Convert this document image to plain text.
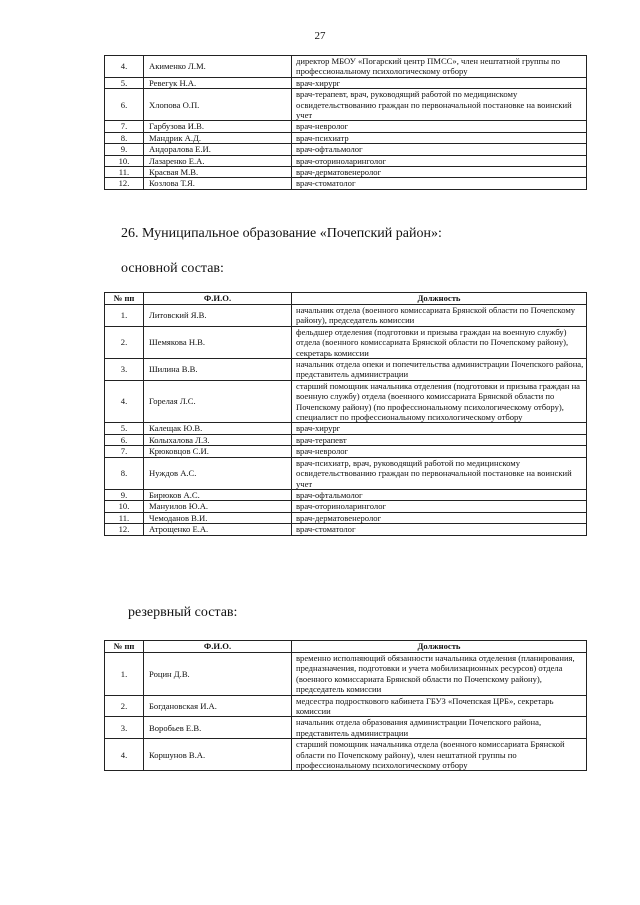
27
4.	Акименко Л.М.	директор МБОУ «Погарский центр ПМСС», член нештатной группы по профессиональному психологическому отбору
5.	Ревегук Н.А.	врач-хирург
6.	Хлопова О.П.	врач-терапевт, врач, руководящий работой по медицинскому освидетельствованию граждан по первоначальной постановке на воинский учет
7.	Гарбузова И.В.	врач-невролог
8.	Мандрик А.Д.	врач-психиатр
9.	Андоралова Е.И.	врач-офтальмолог
10.	Лазаренко Е.А.	врач-оториноларинголог
11.	Красвая М.В.	врач-дерматовенеролог
12.	Козлова Т.Я.	врач-стоматолог
26. Муниципальное образование «Почепский район»:
основной состав:
№ пп	Ф.И.О.	Должность
1.	Литовский Я.В.	начальник отдела (военного комиссариата Брянской области по Почепскому району), председатель комиссии
2.	Шемякова Н.В.	фельдшер отделения (подготовки и призыва граждан на военную службу) отдела (военного комиссариата Брянской области по Почепскому району), секретарь комиссии
3.	Шилина В.В.	начальник отдела опеки и попечительства администрации Почепского района, представитель администрации
4.	Горелая Л.С.	старший помощник начальника отделения (подготовки и призыва граждан на военную службу) отдела (военного комиссариата Брянской области по Почепскому району) (по профессиональному психологическому отбору), специалист по профессиональному психологическому отбору
5.	Калещак Ю.В.	врач-хирург
6.	Колыхалова Л.З.	врач-терапевт
7.	Крюковцов С.И.	врач-невролог
8.	Нуждов А.С.	врач-психиатр, врач, руководящий работой по медицинскому освидетельствованию граждан по первоначальной постановке на воинский учет
9.	Бирюков А.С.	врач-офтальмолог
10.	Мануилов Ю.А.	врач-оториноларинголог
11.	Чемоданов В.И.	врач-дерматовенеролог
12.	Атрощенко Е.А.	врач-стоматолог
резервный состав:
№ пп	Ф.И.О.	Должность
1.	Роцин Д.В.	временно исполняющий обязанности начальника отделения (планирования, предназначения, подготовки и учета мобилизационных ресурсов) отдела (военного комиссариата Брянской области по Почепскому району), председатель комиссии
2.	Богдановская И.А.	медсестра подросткового кабинета ГБУЗ «Почепская ЦРБ», секретарь комиссии
3.	Воробьев Е.В.	начальник отдела образования администрации Почепского района, представитель администрации
4.	Коршунов В.А.	старший помощник начальника отдела (военного комиссариата Брянской области по Почепскому району), член нештатной группы по профессиональному психологическому отбору
